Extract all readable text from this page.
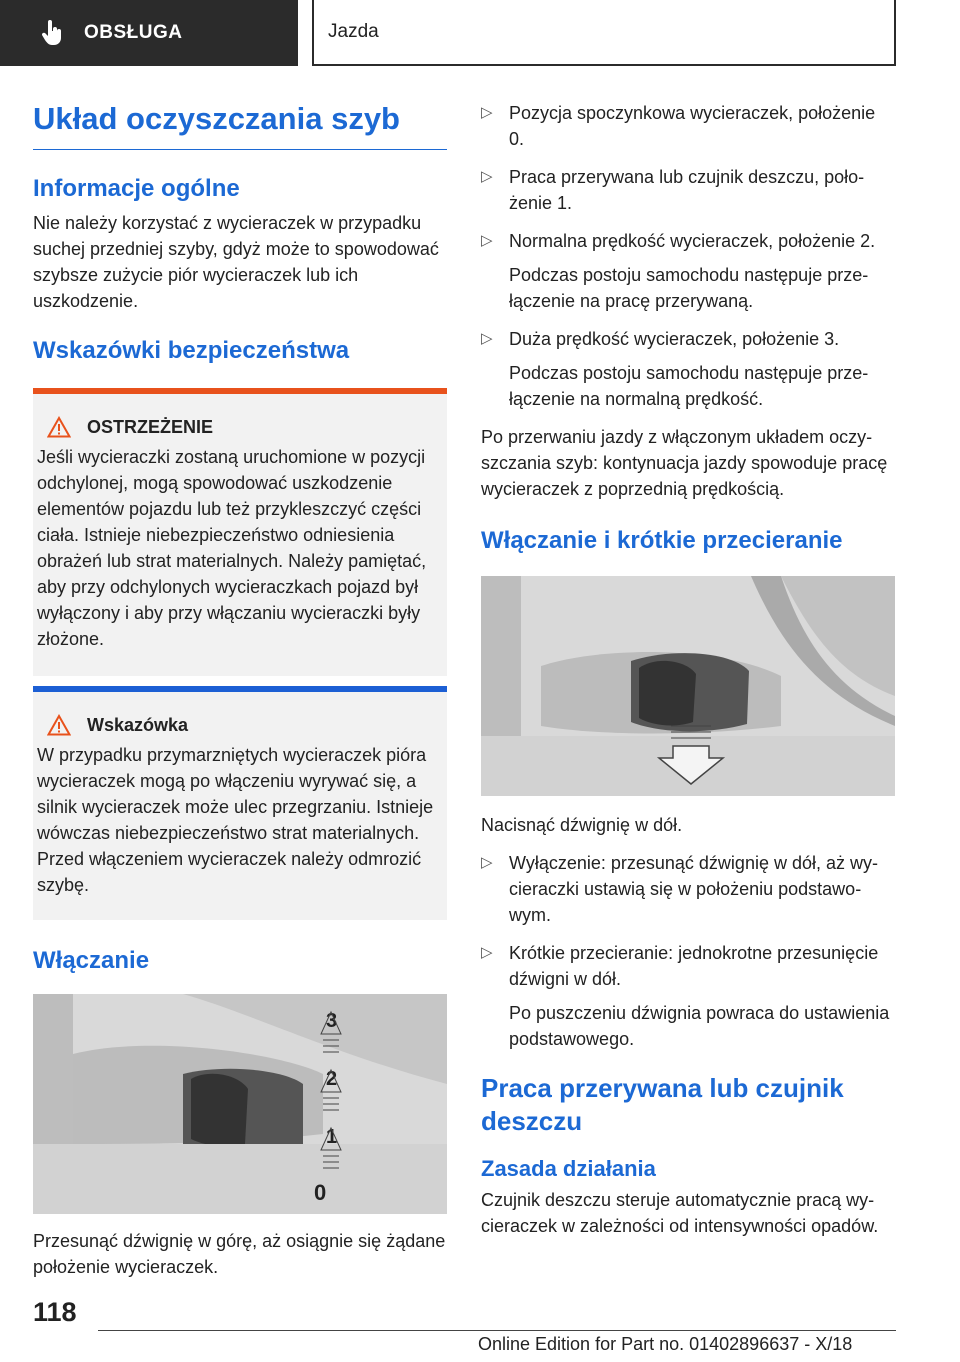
OBSŁUGA	Jazda
Układ oczyszczania szyb
Informacje ogólne

Nie należy korzystać z wycieraczek w przypadku suchej przedniej szyby, gdyż może to spowodować szybsze zużycie piór wycieraczek lub ich uszkodzenie.

Wskazówki bezpieczeństwa
OSTRZEŻENIE

Jeśli wycieraczki zostaną uruchomione w pozycji odchylonej, mogą spowodować uszkodzenie elementów pojazdu lub też przykleszczyć części ciała. Istnieje niebezpieczeństwo odniesienia obrażeń lub strat materialnych. Należy pamiętać, aby przy odchylonych wycieraczkach pojazd był wyłączony i aby przy włączaniu wycieraczki były złożone.

Wskazówka

W przypadku przymarzniętych wycieraczek pióra wycieraczek mogą po włączeniu wyrywać się, a silnik wycieraczek może ulec przegrzaniu. Istnieje wówczas niebezpieczeństwo strat materialnych. Przed włączeniem wycieraczek należy odmrozić szybę.

Włączanie
3
2
1
0

Przesunąć dźwignię w górę, aż osiągnie się żądane położenie wycieraczek.

▷ Pozycja spoczynkowa wycieraczek, położenie 0.
▷ Praca przerywana lub czujnik deszczu, położenie 1.
▷ Normalna prędkość wycieraczek, położenie 2.

Podczas postoju samochodu następuje przełączenie na pracę przerywaną.

▷ Duża prędkość wycieraczek, położenie 3.

Podczas postoju samochodu następuje przełączenie na normalną prędkość.

Po przerwaniu jazdy z włączonym układem oczyszczania szyb: kontynuacja jazdy spowoduje pracę wycieraczek z poprzednią prędkością.

Włączanie i krótkie przecieranie

Nacisnąć dźwignię w dół.

▷ Wyłączenie: przesunąć dźwignię w dół, aż wycieraczki ustawią się w położeniu podstawowym.
▷ Krótkie przecieranie: jednokrotne przesunięcie dźwigni w dół.

Po puszczeniu dźwignia powraca do ustawienia podstawowego.

Praca przerywana lub czujnik deszczu
Zasada działania

Czujnik deszczu steruje automatycznie pracą wycieraczek w zależności od intensywności opadów.

118
Online Edition for Part no. 01402896637 - X/18
